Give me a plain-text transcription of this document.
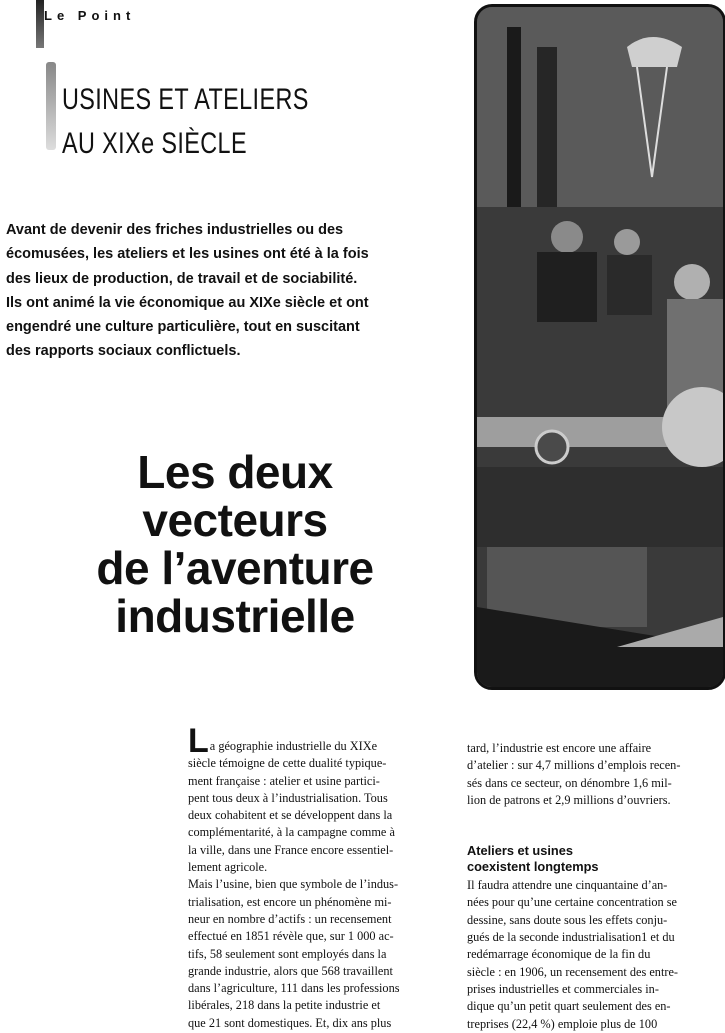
Le Point
USINES ET ATELIERS
AU XIXe SIÈCLE
Avant de devenir des friches industrielles ou des
écomusées, les ateliers et les usines ont été à la fois
des lieux de production, de travail et de sociabilité.
Ils ont animé la vie économique au XIXe siècle et ont
engendré une culture particulière, tout en suscitant
des rapports sociaux conflictuels.
Les deux
vecteurs
de l’aventure
industrielle
La géographie industrielle du XIXe
siècle témoigne de cette dualité typique-
ment française : atelier et usine partici-
pent tous deux à l’industrialisation. Tous
deux cohabitent et se développent dans la
complémentarité, à la campagne comme à
la ville, dans une France encore essentiel-
lement agricole.
Mais l’usine, bien que symbole de l’indus-
trialisation, est encore un phénomène mi-
neur en nombre d’actifs : un recensement
effectué en 1851 révèle que, sur 1 000 ac-
tifs, 58 seulement sont employés dans la
grande industrie, alors que 568 travaillent
dans l’agriculture, 111 dans les professions
libérales, 218 dans la petite industrie et
que 21 sont domestiques. Et, dix ans plus
tard, l’industrie est encore une affaire
d’atelier : sur 4,7 millions d’emplois recen-
sés dans ce secteur, on dénombre 1,6 mil-
lion de patrons et 2,9 millions d’ouvriers.
Ateliers et usines
coexistent longtemps
Il faudra attendre une cinquantaine d’an-
nées pour qu’une certaine concentration se
dessine, sans doute sous les effets conju-
gués de la seconde industrialisation1 et du
redémarrage économique de la fin du
siècle : en 1906, un recensement des entre-
prises industrielles et commerciales in-
dique qu’un petit quart seulement des en-
treprises (22,4 %) emploie plus de 100
